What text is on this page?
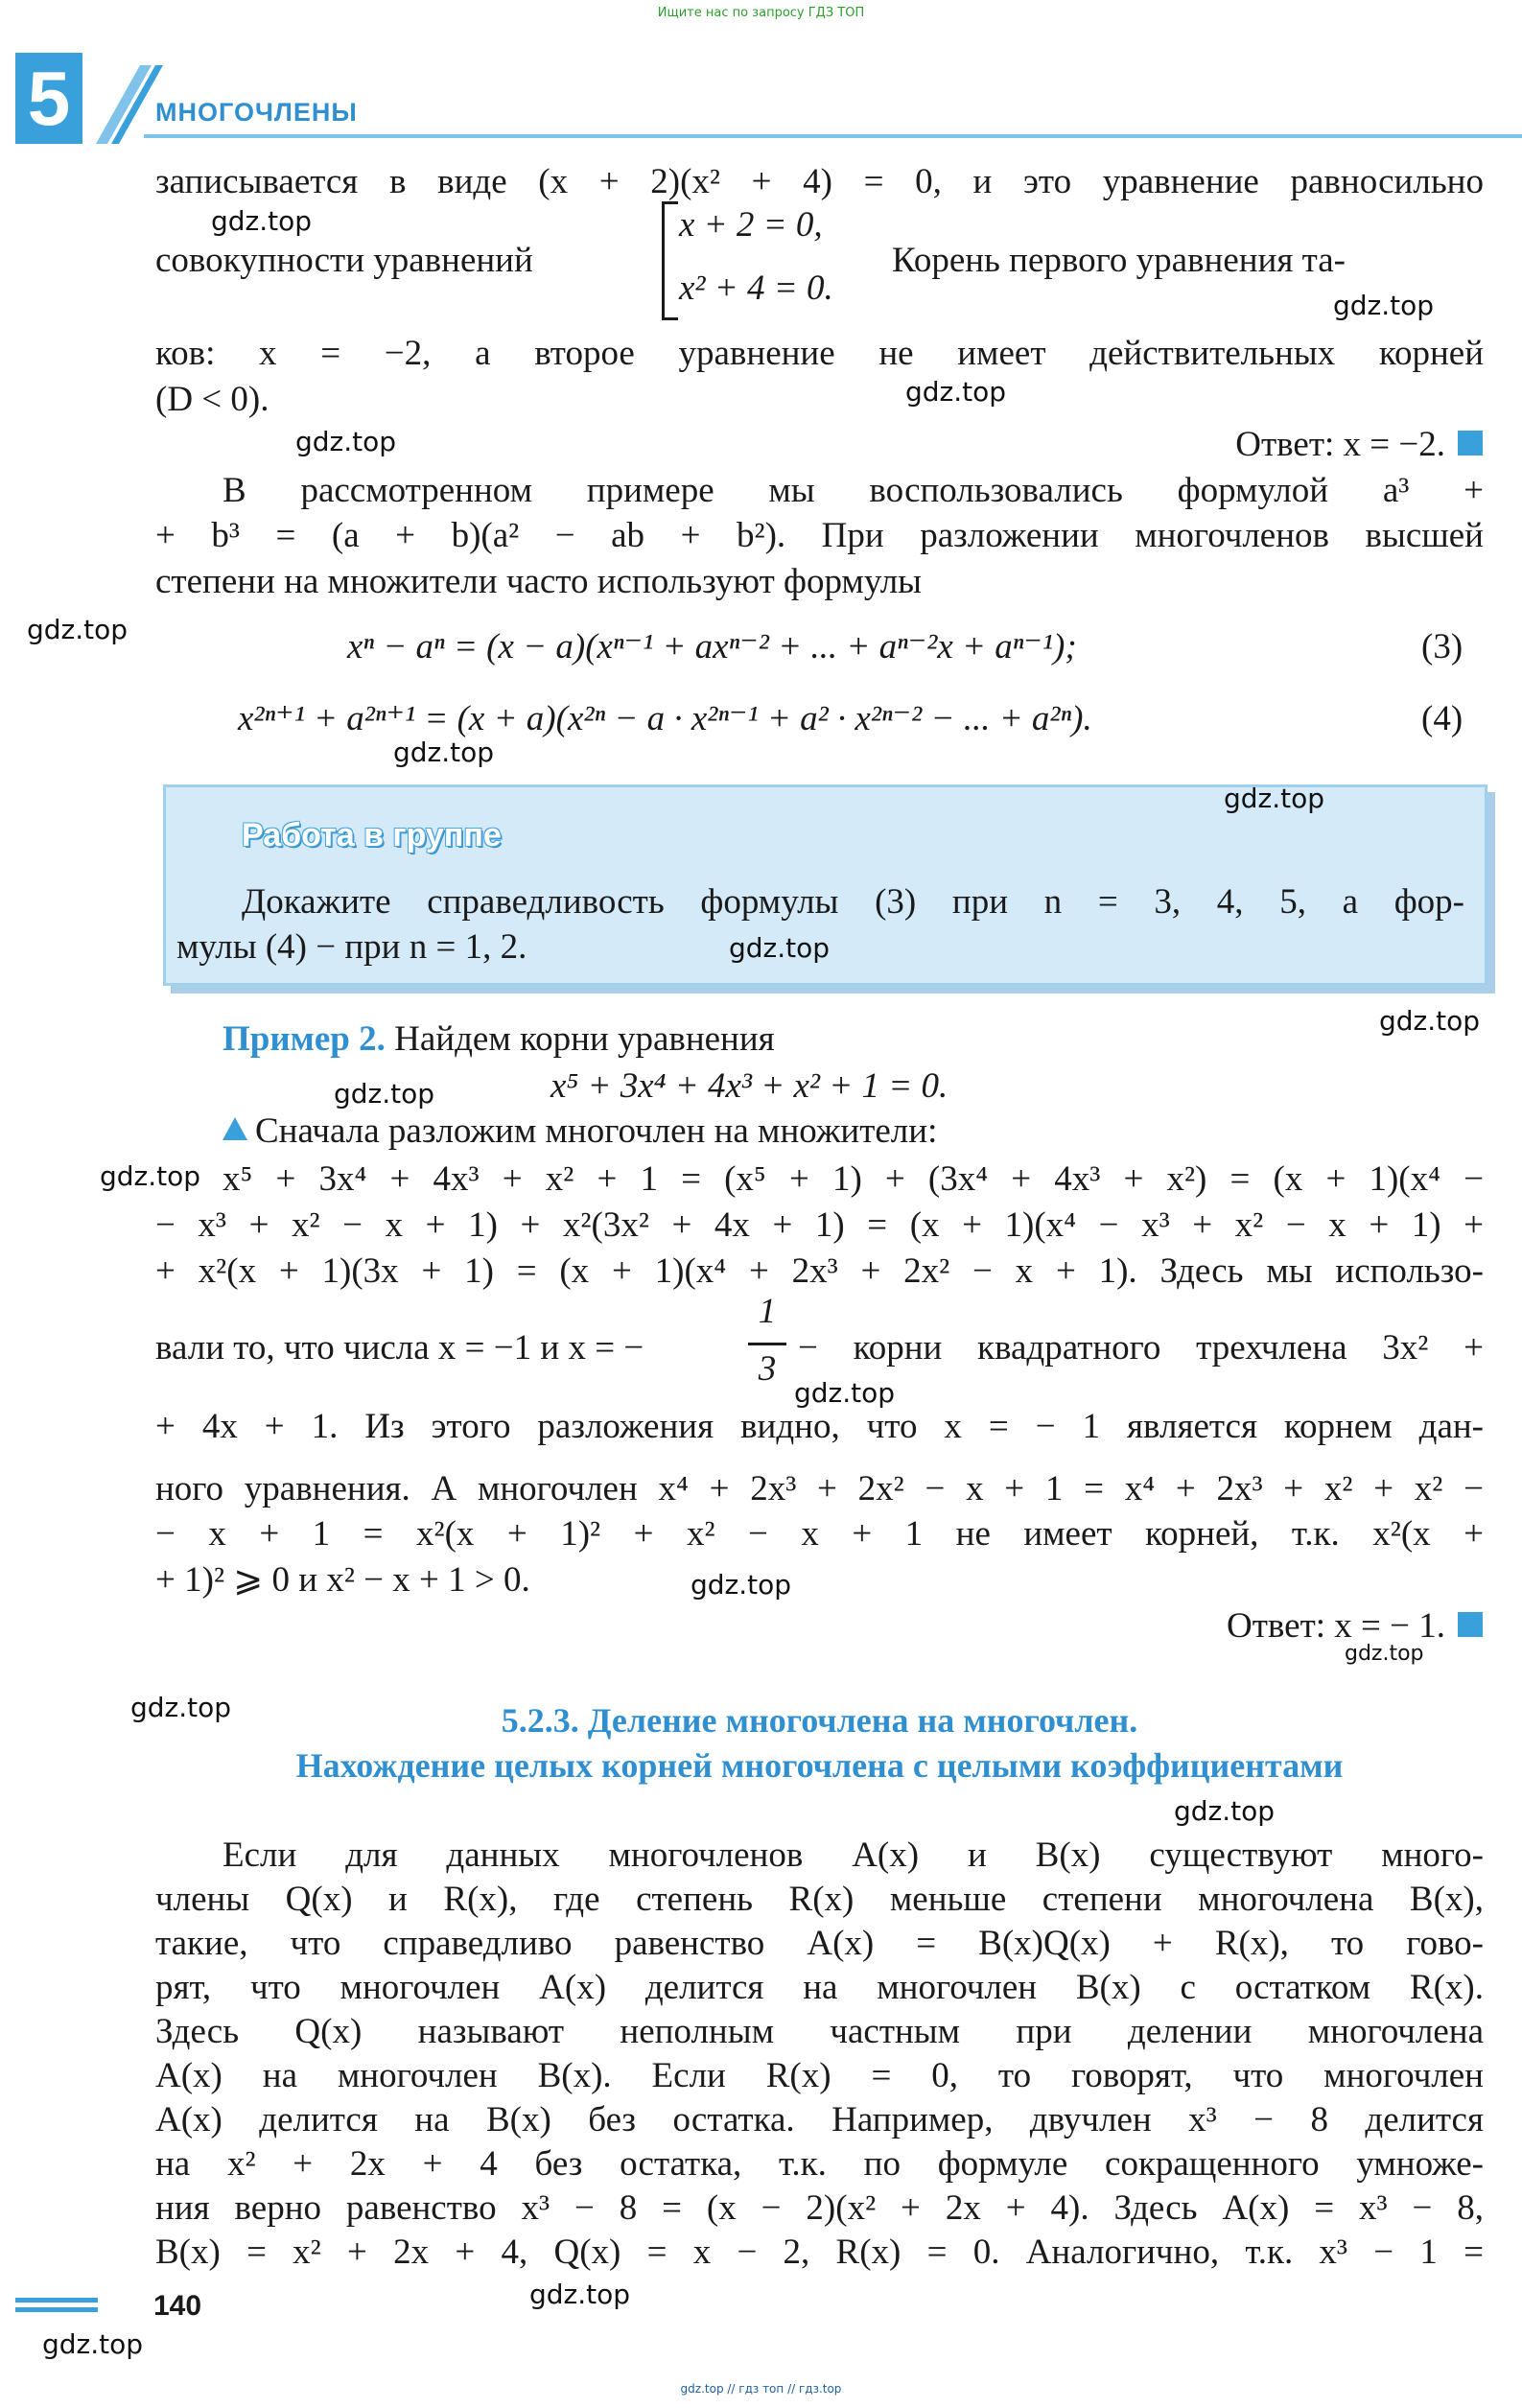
Ищите нас по запросу ГДЗ ТОП
5	МНОГОЧЛЕНЫ
записывается в виде (x + 2)(x² + 4) = 0, и это уравнение равносильно
совокупности уравнений
x + 2 = 0,
x² + 4 = 0.
Корень первого уравнения та-
ков: x = −2, а второе уравнение не имеет действительных корней
(D < 0).
Ответ: x = −2.
В рассмотренном примере мы воспользовались формулой a³ +
+ b³ = (a + b)(a² − ab + b²). При разложении многочленов высшей
степени на множители часто используют формулы
xⁿ − aⁿ = (x − a)(xⁿ⁻¹ + axⁿ⁻² + ... + aⁿ⁻²x + aⁿ⁻¹);	(3)
x²ⁿ⁺¹ + a²ⁿ⁺¹ = (x + a)(x²ⁿ − a · x²ⁿ⁻¹ + a² · x²ⁿ⁻² − ... + a²ⁿ).	(4)
Работа в группе
Докажите справедливость формулы (3) при n = 3, 4, 5, а фор-
мулы (4) − при n = 1, 2.
Пример 2. Найдем корни уравнения
x⁵ + 3x⁴ + 4x³ + x² + 1 = 0.
Сначала разложим многочлен на множители:
x⁵ + 3x⁴ + 4x³ + x² + 1 = (x⁵ + 1) + (3x⁴ + 4x³ + x²) = (x + 1)(x⁴ −
− x³ + x² − x + 1) + x²(3x² + 4x + 1) = (x + 1)(x⁴ − x³ + x² − x + 1) +
+ x²(x + 1)(3x + 1) = (x + 1)(x⁴ + 2x³ + 2x² − x + 1). Здесь мы использо-
вали то, что числа x = −1 и x = −
1
3
− корни квадратного трехчлена 3x² +
+ 4x + 1. Из этого разложения видно, что x = − 1 является корнем дан-
ного уравнения. А многочлен x⁴ + 2x³ + 2x² − x + 1 = x⁴ + 2x³ + x² + x² −
− x + 1 = x²(x + 1)² + x² − x + 1 не имеет корней, т.к. x²(x +
+ 1)² ⩾ 0 и x² − x + 1 > 0.
Ответ: x = − 1.
5.2.3. Деление многочлена на многочлен.
Нахождение целых корней многочлена с целыми коэффициентами
Если для данных многочленов A(x) и B(x) существуют много-
члены Q(x) и R(x), где степень R(x) меньше степени многочлена B(x),
такие, что справедливо равенство A(x) = B(x)Q(x) + R(x), то гово-
рят, что многочлен A(x) делится на многочлен B(x) с остатком R(x).
Здесь Q(x) называют неполным частным при делении многочлена
A(x) на многочлен B(x). Если R(x) = 0, то говорят, что многочлен
A(x) делится на B(x) без остатка. Например, двучлен x³ − 8 делится
на x² + 2x + 4 без остатка, т.к. по формуле сокращенного умноже-
ния верно равенство x³ − 8 = (x − 2)(x² + 2x + 4). Здесь A(x) = x³ − 8,
B(x) = x² + 2x + 4, Q(x) = x − 2, R(x) = 0. Аналогично, т.к. x³ − 1 =
140
gdz.top // гдз топ // гдз.top
gdz.top
gdz.top
gdz.top
gdz.top
gdz.top
gdz.top
gdz.top
gdz.top
gdz.top
gdz.top
gdz.top
gdz.top
gdz.top
gdz.top
gdz.top
gdz.top
gdz.top
gdz.top
